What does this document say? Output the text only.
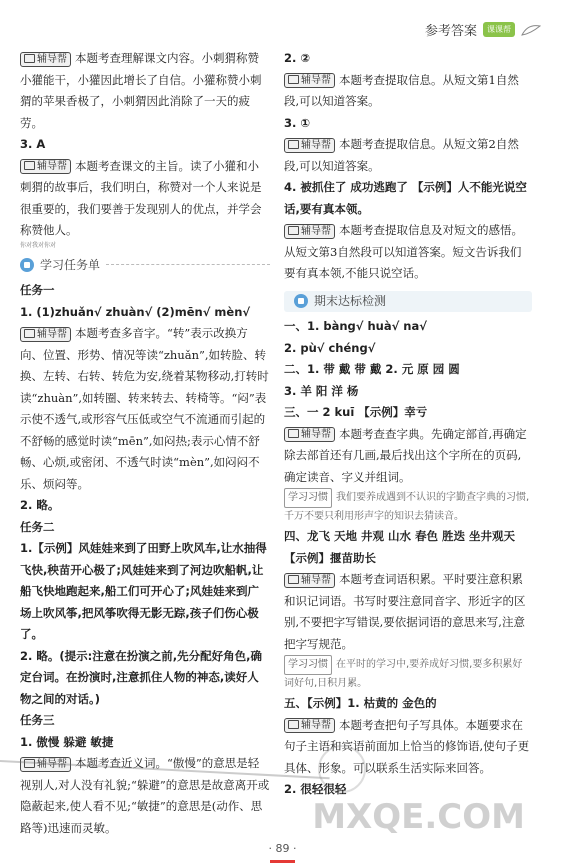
参考答案	课课帮

辅导帮 本题考查理解课文内容。小刺猬称赞小獾能干，小獾因此增长了自信。小獾称赞小刺猬的苹果香极了，小刺猬因此消除了一天的疲劳。

3. A

辅导帮 本题考查课文的主旨。读了小獾和小刺猬的故事后，我们明白，称赞对一个人来说是很重要的，我们要善于发现别人的优点，并学会称赞他人。

你对我对你对

学习任务单

任务一

1. (1)zhuǎn√ zhuàn√ (2)mēn√ mèn√

辅导帮 本题考查多音字。“转”表示改换方向、位置、形势、情况等读“zhuǎn”,如转脸、转换、左转、右转、转危为安,绕着某物移动,打转时读“zhuàn”,如转圈、转来转去、转椅等。“闷”表示使不透气,或形容气压低或空气不流通而引起的不舒畅的感觉时读“mēn”,如闷热;表示心情不舒畅、心烦,或密闭、不透气时读“mèn”,如闷闷不乐、烦闷等。

2. 略。

任务二

1.【示例】风娃娃来到了田野上吹风车,让水抽得飞快,秧苗开心极了;风娃娃来到了河边吹船帆,让船飞快地跑起来,船工们可开心了;风娃娃来到广场上吹风筝,把风筝吹得无影无踪,孩子们伤心极了。

2. 略。(提示:注意在扮演之前,先分配好角色,确定台词。在扮演时,注意抓住人物的神态,读好人物之间的对话。)

任务三

1. 傲慢 躲避 敏捷

辅导帮 本题考查近义词。“傲慢”的意思是轻视别人,对人没有礼貌;“躲避”的意思是故意离开或隐蔽起来,使人看不见;“敏捷”的意思是(动作、思路等)迅速而灵敏。

2. ②

辅导帮 本题考查提取信息。从短文第1自然段,可以知道答案。

3. ①

辅导帮 本题考查提取信息。从短文第2自然段,可以知道答案。

4. 被抓住了 成功逃跑了 【示例】人不能光说空话,要有真本领。

辅导帮 本题考查提取信息及对短文的感悟。从短文第3自然段可以知道答案。短文告诉我们要有真本领,不能只说空话。

期末达标检测

一、1. bàng√ huà√ na√

2. pù√ chéng√

二、1. 带 戴 带 戴 2. 元 原 园 圆

3. 羊 阳 洋 杨

三、一 2 kuī 【示例】幸亏

辅导帮 本题考查查字典。先确定部首,再确定除去部首还有几画,最后找出这个字所在的页码,确定读音、字义并组词。

学习习惯 我们要养成遇到不认识的字勤查字典的习惯,千万不要只利用形声字的知识去猜读音。

四、龙飞 天地 井观 山水 春色 胜迭 坐井观天 【示例】揠苗助长

辅导帮 本题考查词语积累。平时要注意积累和识记词语。书写时要注意同音字、形近字的区别,不要把字写错误,要依据词语的意思来写,注意把字写规范。

学习习惯 在平时的学习中,要养成好习惯,要多积累好词好句,日积月累。

五、【示例】1. 枯黄的 金色的

辅导帮 本题考查把句子写具体。本题要求在句子主语和宾语前面加上恰当的修饰语,使句子更具体、形象。可以联系生活实际来回答。

2. 很轻很轻

MXQE.COM
· 89 ·
